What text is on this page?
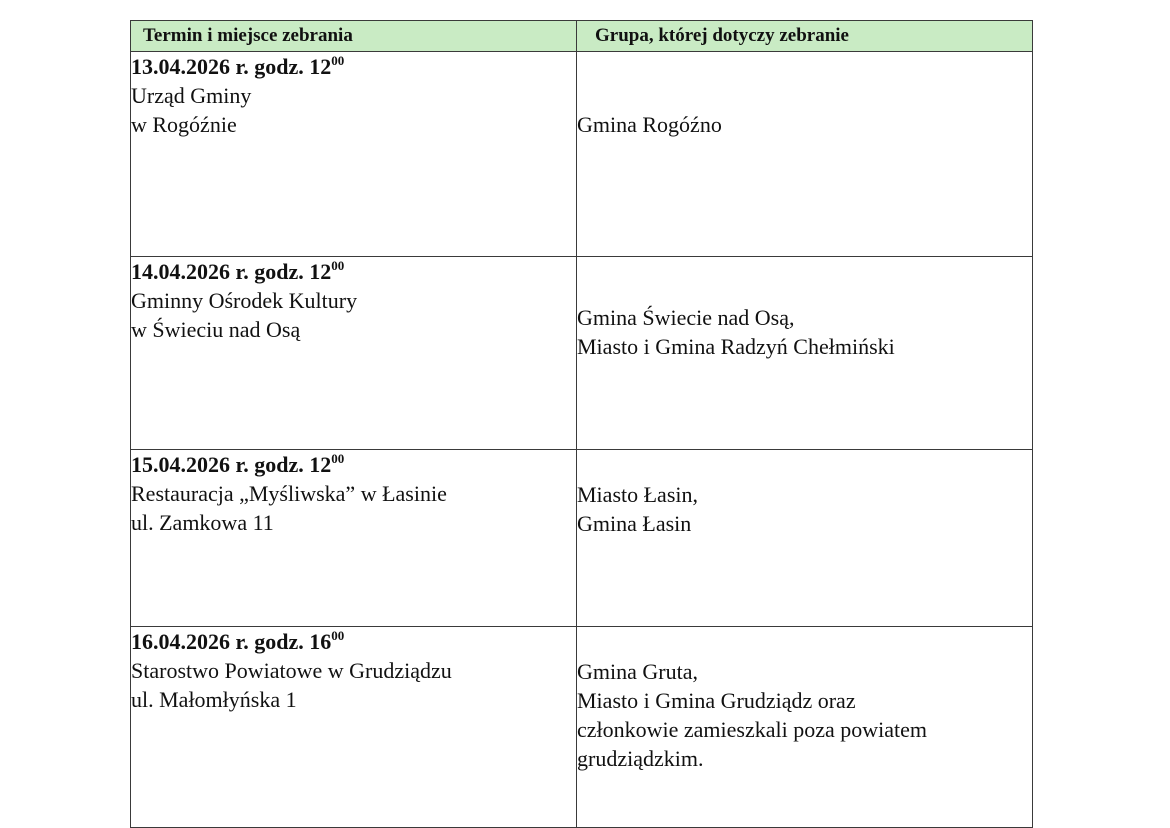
Termin i miejsce zebrania	Grupa, której dotyczy zebranie

13.04.2026 r. godz. $12^{00}$
Urząd Gminy
w Rogóźnie	Gmina Rogóźno

14.04.2026 r. godz. $12^{00}$
Gminny Ośrodek Kultury
w Świeciu nad Osą	Gmina Świecie nad Osą,
Miasto i Gmina Radzyń Chełmiński

15.04.2026 r. godz. $12^{00}$
Restauracja „Myśliwska” w Łasinie
ul. Zamkowa 11	Miasto Łasin,
Gmina Łasin

16.04.2026 r. godz. $16^{00}$
Starostwo Powiatowe w Grudziądzu
ul. Małomłyńska 1	Gmina Gruta,
Miasto i Gmina Grudziądz oraz
członkowie zamieszkali poza powiatem
grudziądzkim.
